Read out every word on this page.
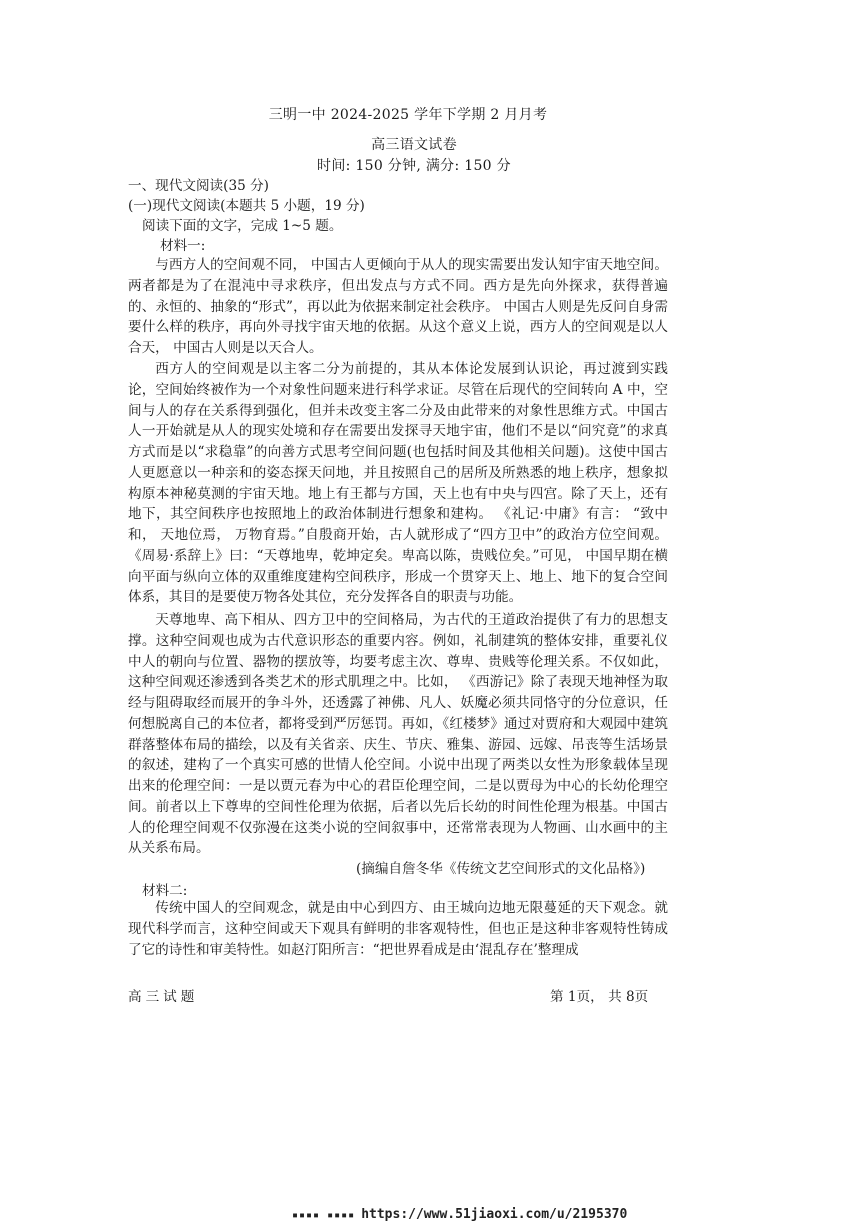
三明一中 2024-2025 学年下学期 2 月月考
高三语文试卷
时间: 150 分钟, 满分: 150 分
一、现代文阅读(35 分)
(一)现代文阅读(本题共 5 小题，19 分)
阅读下面的文字，完成 1~5 题。
材料一:

与西方人的空间观不同， 中国古人更倾向于从人的现实需要出发认知宇宙天地空间。两者都是为了在混沌中寻求秩序，但出发点与方式不同。西方是先向外探求，获得普遍的、永恒的、抽象的“形式”，再以此为依据来制定社会秩序。 中国古人则是先反问自身需要什么样的秩序，再向外寻找宇宙天地的依据。从这个意义上说，西方人的空间观是以人合天， 中国古人则是以天合人。

西方人的空间观是以主客二分为前提的，其从本体论发展到认识论，再过渡到实践论，空间始终被作为一个对象性问题来进行科学求证。尽管在后现代的空间转向 A 中，空间与人的存在关系得到强化，但并未改变主客二分及由此带来的对象性思维方式。中国古人一开始就是从人的现实处境和存在需要出发探寻天地宇宙，他们不是以“问究竟”的求真方式而是以“求稳靠”的向善方式思考空间问题(也包括时间及其他相关问题)。这使中国古人更愿意以一种亲和的姿态探天问地，并且按照自己的居所及所熟悉的地上秩序，想象拟构原本神秘莫测的宇宙天地。地上有王都与方国，天上也有中央与四宫。除了天上，还有地下，其空间秩序也按照地上的政治体制进行想象和建构。 《礼记·中庸》有言： “致中和， 天地位焉， 万物育焉。”自殷商开始，古人就形成了“四方卫中”的政治方位空间观。 《周易·系辞上》曰：“天尊地卑，乾坤定矣。卑高以陈，贵贱位矣。”可见， 中国早期在横向平面与纵向立体的双重维度建构空间秩序，形成一个贯穿天上、地上、地下的复合空间体系，其目的是要使万物各处其位，充分发挥各自的职责与功能。

天尊地卑、高下相从、四方卫中的空间格局，为古代的王道政治提供了有力的思想支撑。这种空间观也成为古代意识形态的重要内容。例如，礼制建筑的整体安排，重要礼仪中人的朝向与位置、器物的摆放等，均要考虑主次、尊卑、贵贱等伦理关系。不仅如此，这种空间观还渗透到各类艺术的形式肌理之中。比如， 《西游记》除了表现天地神怪为取经与阻碍取经而展开的争斗外，还透露了神佛、凡人、妖魔必须共同恪守的分位意识，任何想脱离自己的本位者，都将受到严厉惩罚。再如，《红楼梦》通过对贾府和大观园中建筑群落整体布局的描绘，以及有关省亲、庆生、节庆、雅集、游园、远嫁、吊丧等生活场景的叙述，建构了一个真实可感的世情人伦空间。小说中出现了两类以女性为形象载体呈现出来的伦理空间：一是以贾元春为中心的君臣伦理空间，二是以贾母为中心的长幼伦理空间。前者以上下尊卑的空间性伦理为依据，后者以先后长幼的时间性伦理为根基。中国古人的伦理空间观不仅弥漫在这类小说的空间叙事中，还常常表现为人物画、山水画中的主从关系布局。

(摘编自詹冬华《传统文艺空间形式的文化品格》)
材料二:

传统中国人的空间观念，就是由中心到四方、由王城向边地无限蔓延的天下观念。就现代科学而言，这种空间或天下观具有鲜明的非客观特性，但也正是这种非客观特性铸成了它的诗性和审美特性。如赵汀阳所言：“把世界看成是由‘混乱存在’整理成

高三试题	第 1页， 共 8页
▪▪▪▪ ▪▪▪▪ https://www.51jiaoxi.com/u/2195370
